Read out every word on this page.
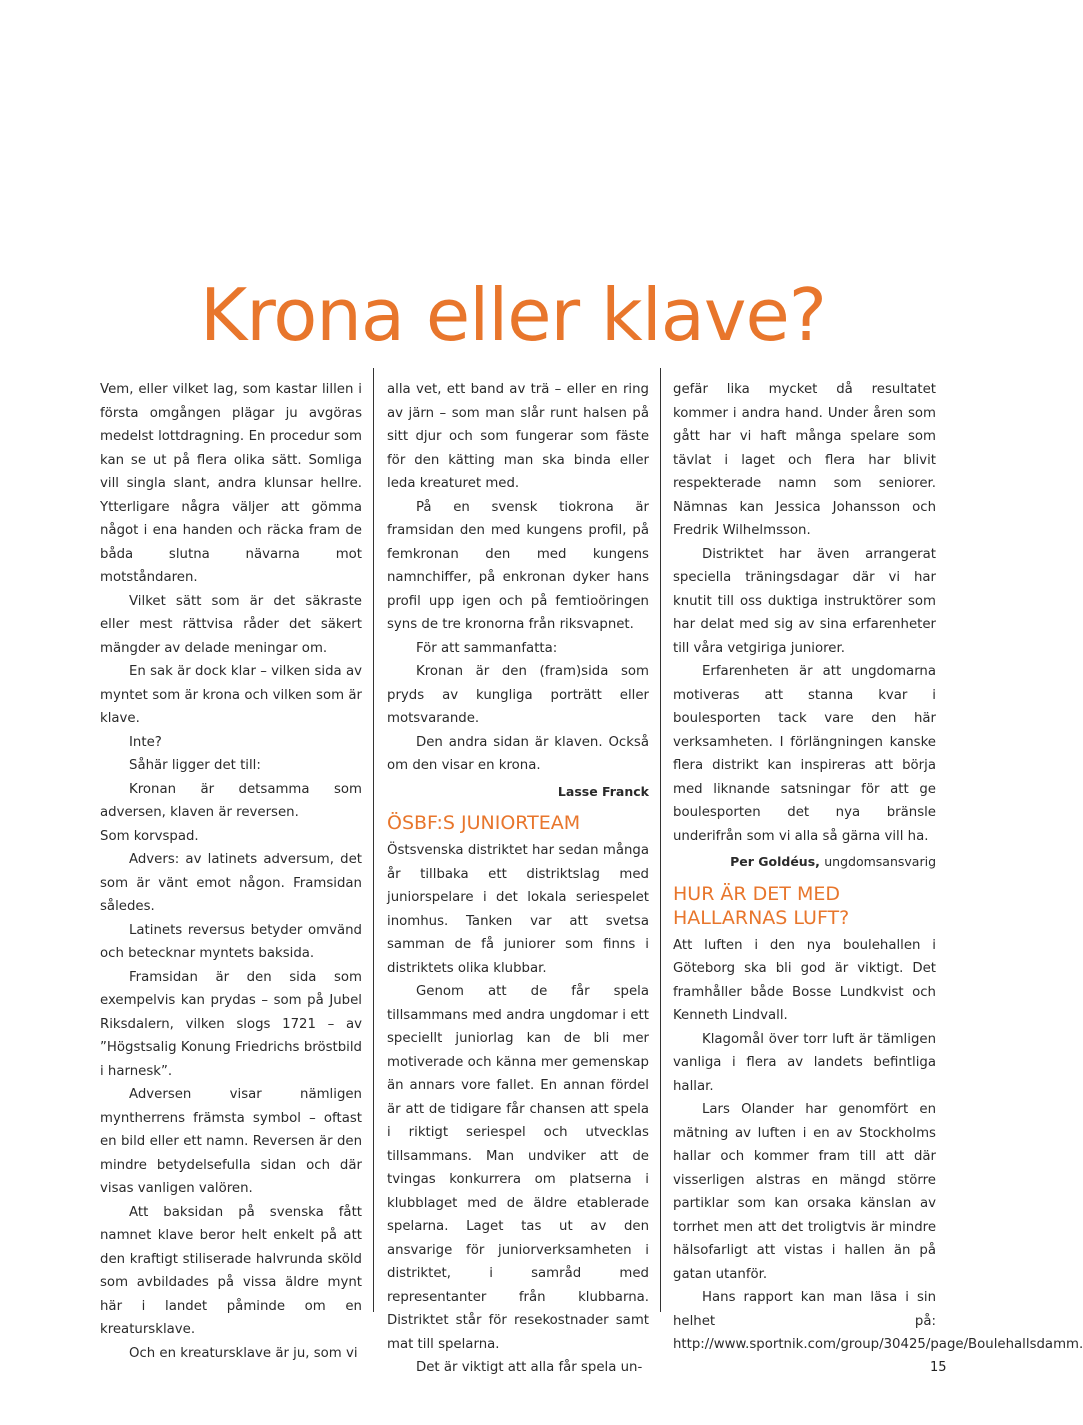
Krona eller klave?

Vem, eller vilket lag, som kastar lillen i första omgången plägar ju avgöras medelst lottdragning. En procedur som kan se ut på flera olika sätt. Somliga vill singla slant, andra klunsar hellre. Ytterligare några väljer att gömma något i ena handen och räcka fram de båda slutna nävarna mot motståndaren.

Vilket sätt som är det säkraste eller mest rättvisa råder det säkert mängder av delade meningar om.

En sak är dock klar – vilken sida av myntet som är krona och vilken som är klave.

Inte?

Såhär ligger det till:

Kronan är detsamma som adversen, klaven är reversen.

Som korvspad.

Advers: av latinets adversum, det som är vänt emot någon. Framsidan således.

Latinets reversus betyder omvänd och betecknar myntets baksida.

Framsidan är den sida som exempelvis kan prydas – som på Jubel Riksdalern, vilken slogs 1721 – av ”Högstsalig Konung Friedrichs bröstbild i harnesk”.

Adversen visar nämligen myntherrens främsta symbol – oftast en bild eller ett namn. Reversen är den mindre betydelsefulla sidan och där visas vanligen valören.

Att baksidan på svenska fått namnet klave beror helt enkelt på att den kraftigt stiliserade halvrunda sköld som avbildades på vissa äldre mynt här i landet påminde om en kreatursklave.

Och en kreatursklave är ju, som vi

alla vet, ett band av trä – eller en ring av järn – som man slår runt halsen på sitt djur och som fungerar som fäste för den kätting man ska binda eller leda kreaturet med.

På en svensk tiokrona är framsidan den med kungens profil, på femkronan den med kungens namnchiffer, på enkronan dyker hans profil upp igen och på femtioöringen syns de tre kronorna från riksvapnet.

För att sammanfatta:

Kronan är den (fram)sida som pryds av kungliga porträtt eller motsvarande.

Den andra sidan är klaven. Också om den visar en krona.

Lasse Franck
ÖSBF:S JUNIORTEAM

Östsvenska distriktet har sedan många år tillbaka ett distriktslag med juniorspelare i det lokala seriespelet inomhus. Tanken var att svetsa samman de få juniorer som finns i distriktets olika klubbar.

Genom att de får spela tillsammans med andra ungdomar i ett speciellt juniorlag kan de bli mer motiverade och känna mer gemenskap än annars vore fallet. En annan fördel är att de tidigare får chansen att spela i riktigt seriespel och utvecklas tillsammans. Man undviker att de tvingas konkurrera om platserna i klubblaget med de äldre etablerade spelarna. Laget tas ut av den ansvarige för juniorverksamheten i distriktet, i samråd med representanter från klubbarna. Distriktet står för resekostnader samt mat till spelarna.

Det är viktigt att alla får spela un-

gefär lika mycket då resultatet kommer i andra hand. Under åren som gått har vi haft många spelare som tävlat i laget och flera har blivit respekterade namn som seniorer. Nämnas kan Jessica Johansson och Fredrik Wilhelmsson.

Distriktet har även arrangerat speciella träningsdagar där vi har knutit till oss duktiga instruktörer som har delat med sig av sina erfarenheter till våra vetgiriga juniorer.

Erfarenheten är att ungdomarna motiveras att stanna kvar i boulesporten tack vare den här verksamheten. I förlängningen kanske flera distrikt kan inspireras att börja med liknande satsningar för att ge boulesporten det nya bränsle underifrån som vi alla så gärna vill ha.

Per Goldéus, ungdomsansvarig
HUR ÄR DET MED HALLARNAS LUFT?

Att luften i den nya boulehallen i Göteborg ska bli god är viktigt. Det framhåller både Bosse Lundkvist och Kenneth Lindvall.

Klagomål över torr luft är tämligen vanliga i flera av landets befintliga hallar.

Lars Olander har genomfört en mätning av luften i en av Stockholms hallar och kommer fram till att där visserligen alstras en mängd större partiklar som kan orsaka känslan av torrhet men att det troligtvis är mindre hälsofarligt att vistas i hallen än på gatan utanför.

Hans rapport kan man läsa i sin helhet på: http://www.sportnik.com/group/30425/page/Boulehallsdamm.

15
